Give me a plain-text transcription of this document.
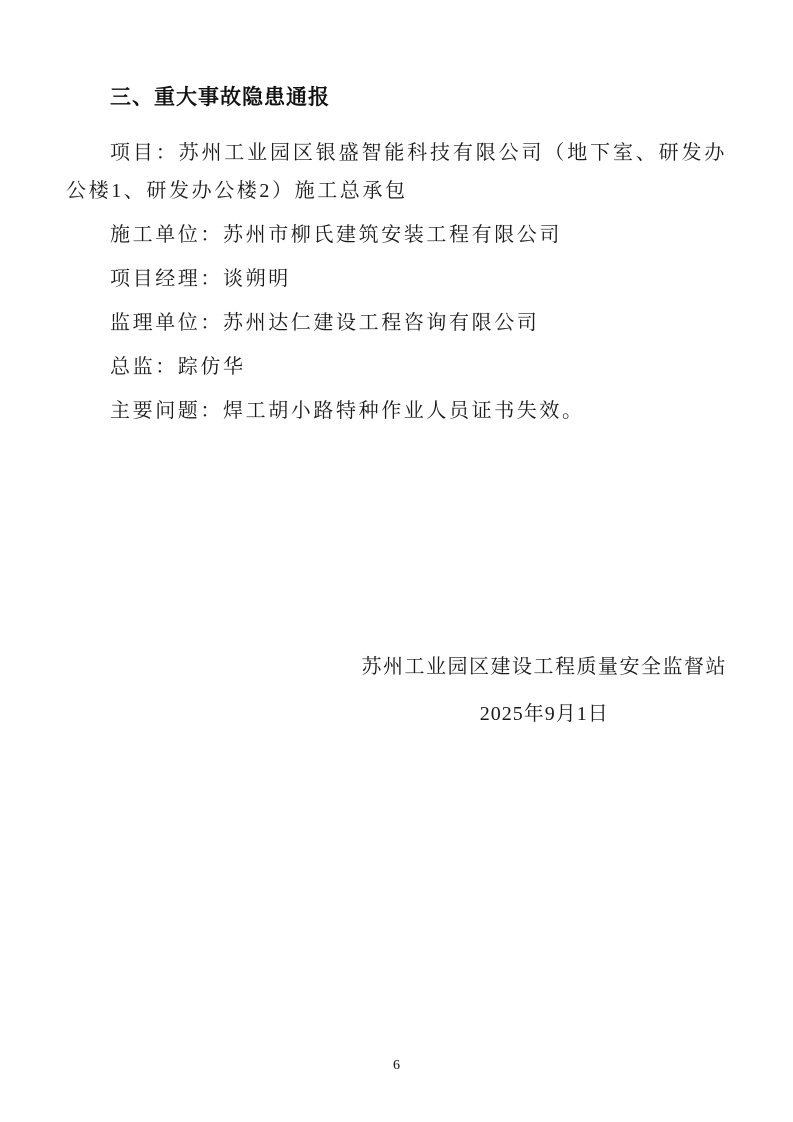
三、重大事故隐患通报

项目：苏州工业园区银盛智能科技有限公司（地下室、研发办公楼1、研发办公楼2）施工总承包

施工单位：苏州市柳氏建筑安装工程有限公司

项目经理：谈朔明

监理单位：苏州达仁建设工程咨询有限公司

总监：踪仿华

主要问题：焊工胡小路特种作业人员证书失效。

苏州工业园区建设工程质量安全监督站

2025年9月1日

6
